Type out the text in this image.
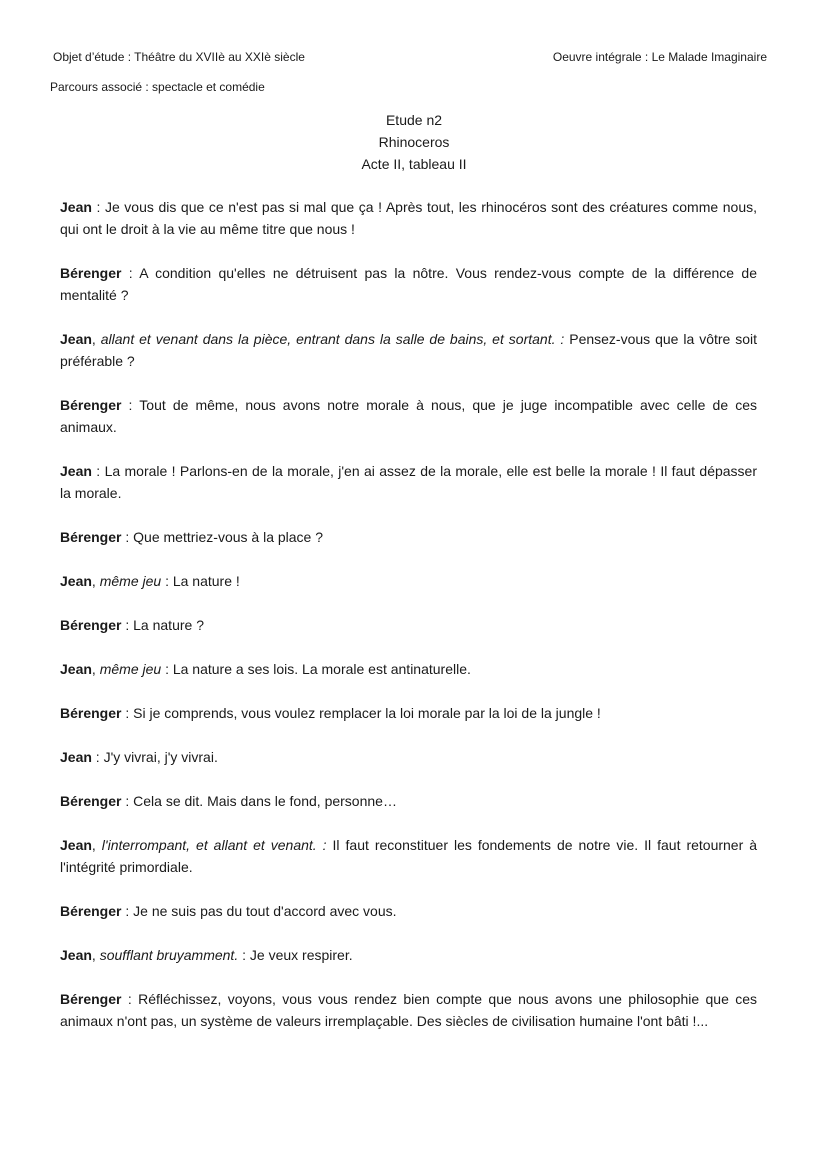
Objet d’étude : Théâtre du XVIIè au XXIè siècle	Oeuvre intégrale : Le Malade Imaginaire
Parcours associé : spectacle et comédie
Etude n2
Rhinoceros
Acte II, tableau II

Jean : Je vous dis que ce n'est pas si mal que ça ! Après tout, les rhinocéros sont des créatures comme nous, qui ont le droit à la vie au même titre que nous !

Bérenger : A condition qu'elles ne détruisent pas la nôtre. Vous rendez-vous compte de la différence de mentalité ?

Jean, allant et venant dans la pièce, entrant dans la salle de bains, et sortant. : Pensez-vous que la vôtre soit préférable ?

Bérenger : Tout de même, nous avons notre morale à nous, que je juge incompatible avec celle de ces animaux.

Jean : La morale ! Parlons-en de la morale, j'en ai assez de la morale, elle est belle la morale ! Il faut dépasser la morale.

Bérenger : Que mettriez-vous à la place ?

Jean, même jeu : La nature !

Bérenger : La nature ?

Jean, même jeu : La nature a ses lois. La morale est antinaturelle.

Bérenger : Si je comprends, vous voulez remplacer la loi morale par la loi de la jungle !

Jean : J'y vivrai, j'y vivrai.

Bérenger : Cela se dit. Mais dans le fond, personne…

Jean, l'interrompant, et allant et venant. : Il faut reconstituer les fondements de notre vie. Il faut retourner à l'intégrité primordiale.

Bérenger : Je ne suis pas du tout d'accord avec vous.

Jean, soufflant bruyamment. : Je veux respirer.

Bérenger : Réfléchissez, voyons, vous vous rendez bien compte que nous avons une philosophie que ces animaux n'ont pas, un système de valeurs irremplaçable. Des siècles de civilisation humaine l'ont bâti !...
